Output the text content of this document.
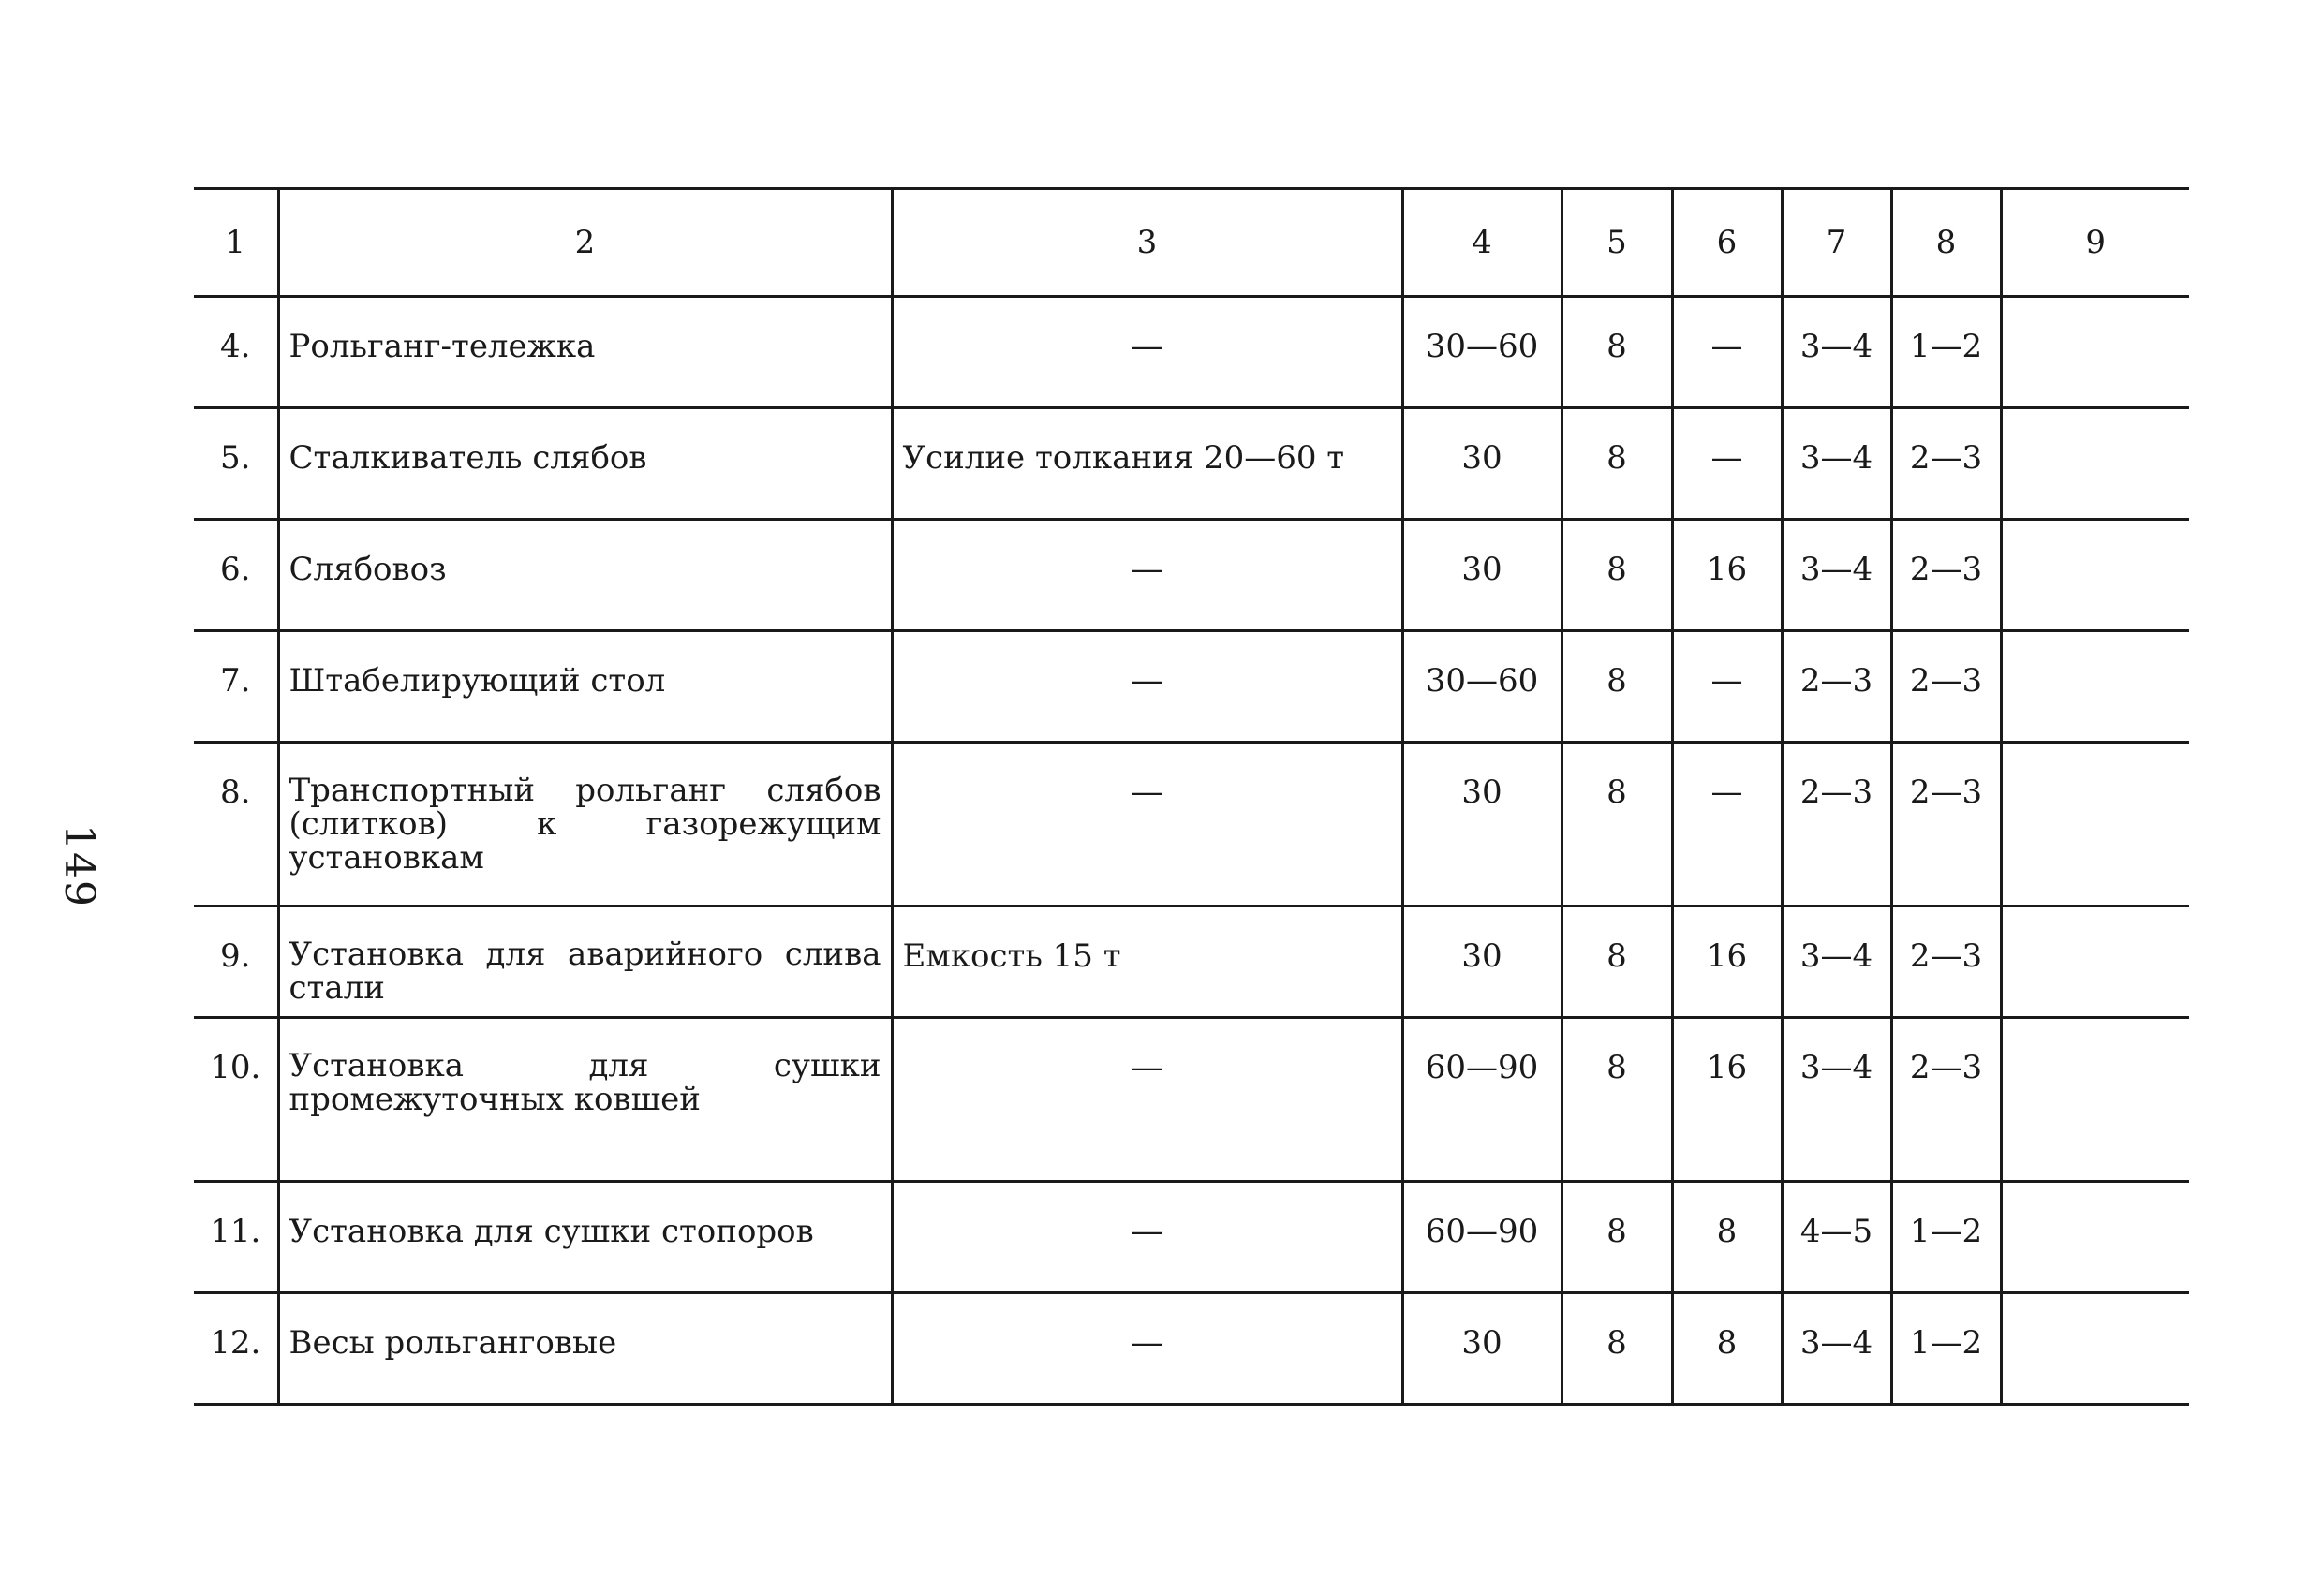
149
1	2	3	4	5	6	7	8	9
4.	Рольганг-тележка	—	30—60	8	—	3—4	1—2	
5.	Сталкиватель слябов	Усилие толкания 20—60 т	30	8	—	3—4	2—3	
6.	Слябовоз	—	30	8	16	3—4	2—3	
7.	Штабелирующий стол	—	30—60	8	—	2—3	2—3	
8.	Транспортный рольганг слябов (слитков) к газорежущим установкам	—	30	8	—	2—3	2—3	
9.	Установка для аварийного слива стали	Емкость 15 т	30	8	16	3—4	2—3	
10.	Установка для сушки промежуточных ковшей	—	60—90	8	16	3—4	2—3	
11.	Установка для сушки стопоров	—	60—90	8	8	4—5	1—2	
12.	Весы рольганговые	—	30	8	8	3—4	1—2	
